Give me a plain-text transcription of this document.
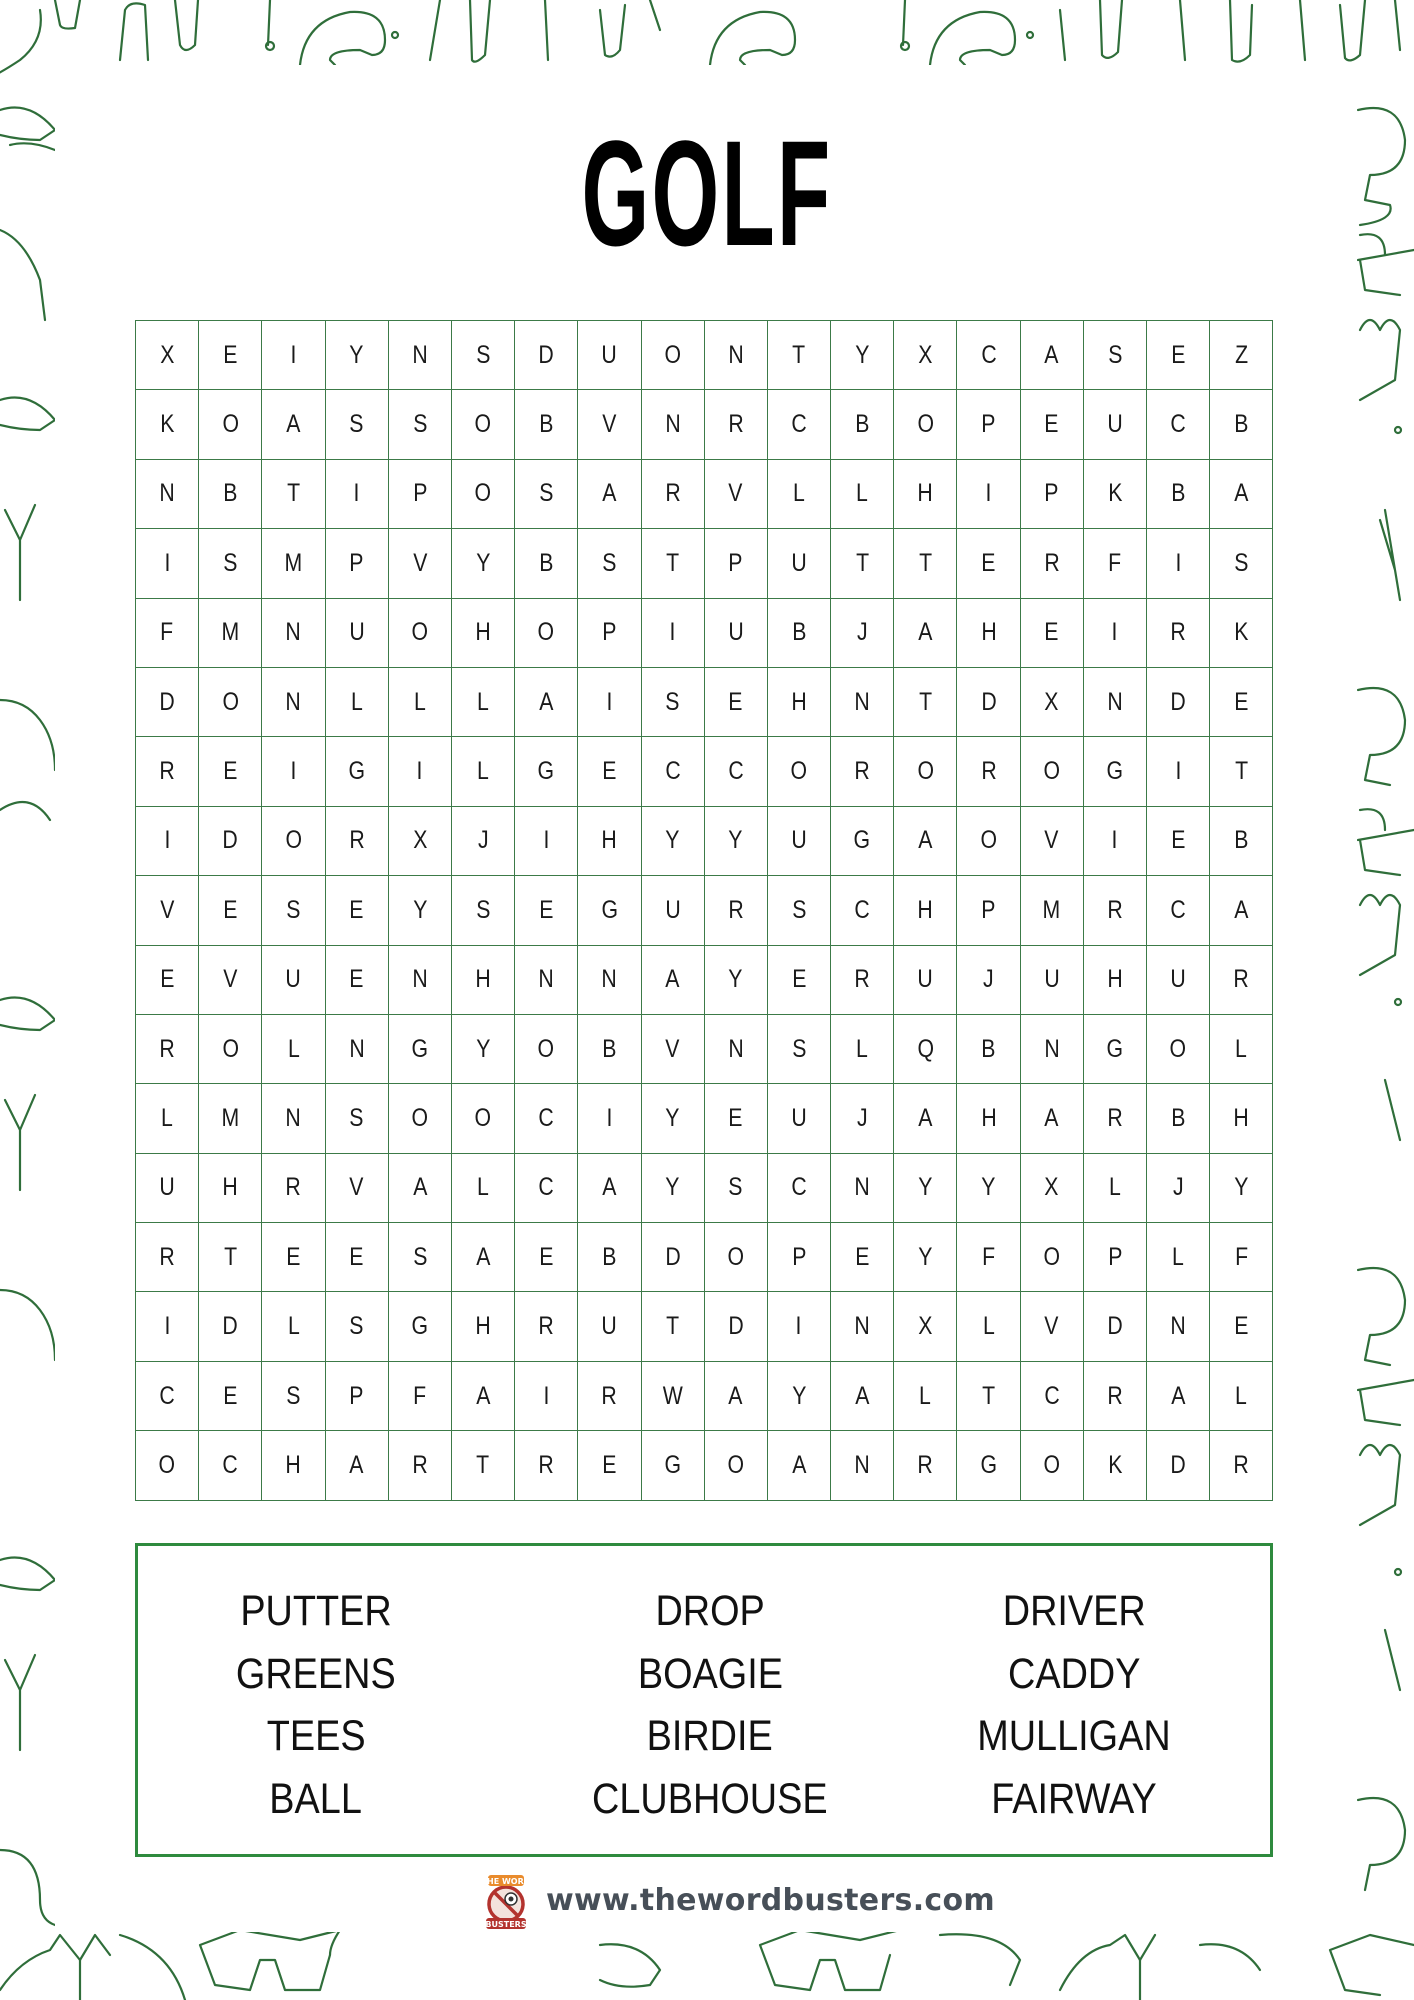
GOLF
X E I Y N S D U O N T Y X C A S E Z
K O A S S O B V N R C B O P E U C B
N B T I P O S A R V L L H I P K B A
I S M P V Y B S T P U T T E R F I S
F M N U O H O P I U B J A H E I R K
D O N L L L A I S E H N T D X N D E
R E I G I L G E C C O R O R O G I T
I D O R X J I H Y Y U G A O V I E B
V E S E Y S E G U R S C H P M R C A
E V U E N H N N A Y E R U J U H U R
R O L N G Y O B V N S L Q B N G O L
L M N S O O C I Y E U J A H A R B H
U H R V A L C A Y S C N Y Y X L J Y
R T E E S A E B D O P E Y F O P L F
I D L S G H R U T D I N X L V D N E
C E S P F A I R W A Y A L T C R A L
O C H A R T R E G O A N R G O K D R
PUTTER
GREENS
TEES
BALL
DROP
BOAGIE
BIRDIE
CLUBHOUSE
DRIVER
CADDY
MULLIGAN
FAIRWAY
THE WORD
BUSTERS
www.thewordbusters.com
